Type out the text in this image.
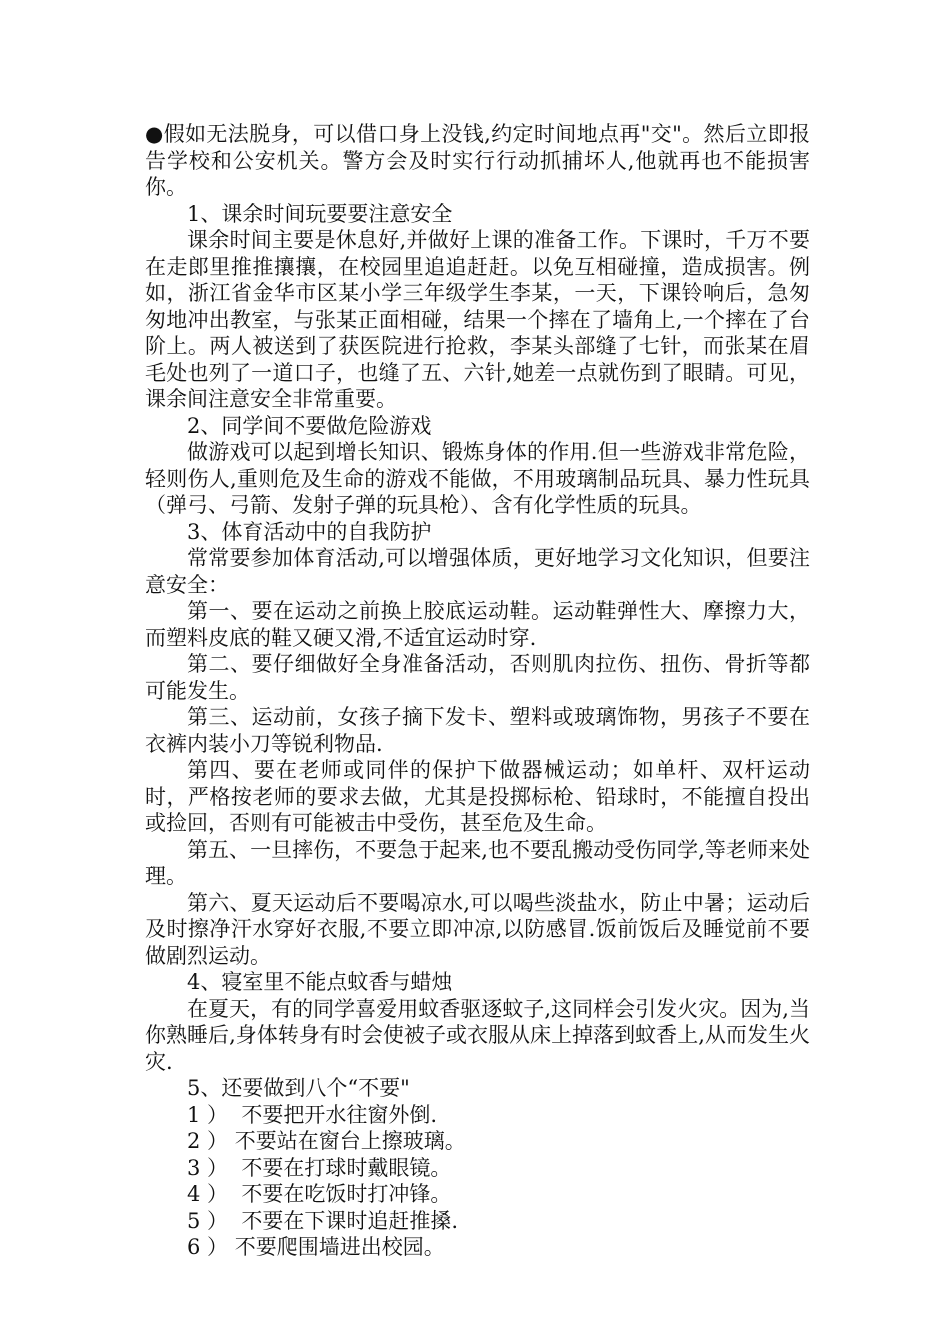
●假如无法脱身，可以借口身上没钱,约定时间地点再"交"。然后立即报告学校和公安机关。警方会及时实行行动抓捕坏人,他就再也不能损害你。

1、课余时间玩要要注意安全

课余时间主要是休息好,并做好上课的准备工作。下课时，千万不要在走郎里推推攘攘，在校园里追追赶赶。以免互相碰撞，造成损害。例如，浙江省金华市区某小学三年级学生李某，一天，下课铃响后，急匆匆地冲出教室，与张某正面相碰，结果一个摔在了墙角上,一个摔在了台阶上。两人被送到了获医院进行抢救，李某头部缝了七针，而张某在眉毛处也列了一道口子，也缝了五、六针,她差一点就伤到了眼睛。可见，课余间注意安全非常重要。

2、同学间不要做危险游戏

做游戏可以起到增长知识、锻炼身体的作用.但一些游戏非常危险，轻则伤人,重则危及生命的游戏不能做，不用玻璃制品玩具、暴力性玩具（弹弓、弓箭、发射子弹的玩具枪）、含有化学性质的玩具。

3、体育活动中的自我防护

常常要参加体育活动,可以增强体质，更好地学习文化知识，但要注意安全：

第一、要在运动之前换上胶底运动鞋。运动鞋弹性大、摩擦力大，而塑料皮底的鞋又硬又滑,不适宜运动时穿.

第二、要仔细做好全身准备活动，否则肌肉拉伤、扭伤、骨折等都可能发生。

第三、运动前，女孩子摘下发卡、塑料或玻璃饰物，男孩子不要在衣裤内装小刀等锐利物品.

第四、要在老师或同伴的保护下做器械运动；如单杆、双杆运动时，严格按老师的要求去做，尤其是投掷标枪、铅球时，不能擅自投出或捡回，否则有可能被击中受伤，甚至危及生命。

第五、一旦摔伤，不要急于起来,也不要乱搬动受伤同学,等老师来处理。

第六、夏天运动后不要喝凉水,可以喝些淡盐水，防止中暑；运动后及时擦净汗水穿好衣服,不要立即冲凉,以防感冒.饭前饭后及睡觉前不要做剧烈运动。

4、寝室里不能点蚊香与蜡烛

在夏天，有的同学喜爱用蚊香驱逐蚊子,这同样会引发火灾。因为,当你熟睡后,身体转身有时会使被子或衣服从床上掉落到蚊香上,从而发生火灾.

5、还要做到八个“不要"

1 ）  不要把开水往窗外倒.

2 ） 不要站在窗台上擦玻璃。

3 ）  不要在打球时戴眼镜。

4 ）  不要在吃饭时打冲锋。

5 ）  不要在下课时追赶推搡.

6 ） 不要爬围墙进出校园。
